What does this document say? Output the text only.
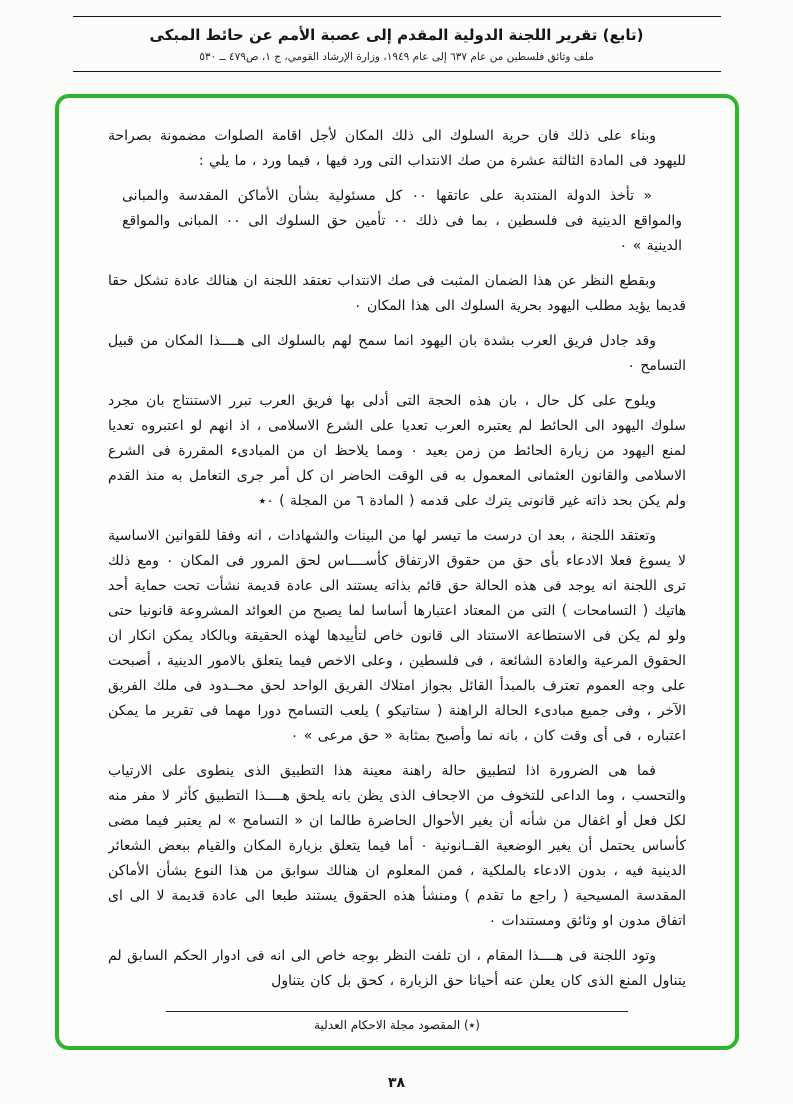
(تابع) تقرير اللجنة الدولية المقدم إلى عصبة الأمم عن حائط المبكى
ملف وثائق فلسطين من عام ٦٣٧ إلى عام ١٩٤٩، وزارة الإرشاد القومي، ج ١، ص٤٧٩ ــ ٥٣٠

وبناء على ذلك فان حرية السلوك الى ذلك المكان لأجل اقامة الصلوات مضمونة بصراحة لليهود فى المادة الثالثة عشرة من صك الانتداب التى ورد فيها ، فيما ورد ، ما يلي :

« تأخذ الدولة المنتدبة على عاتقها ٠٠ كل مسئولية بشأن الأماكن المقدسة والمبانى والمواقع الدينية فى فلسطين ، بما فى ذلك ٠٠ تأمين حق السلوك الى ٠٠ المبانى والمواقع الدينية » ٠

وبقطع النظر عن هذا الضمان المثبت فى صك الانتداب تعتقد اللجنة ان هنالك عادة تشكل حقا قديما يؤيد مطلب اليهود بحرية السلوك الى هذا المكان ٠

وقد جادل فريق العرب بشدة بان اليهود انما سمح لهم بالسلوك الى هــــذا المكان من قبيل التسامح ٠

ويلوح على كل حال ، بان هذه الحجة التى أدلى بها فريق العرب تبرر الاستنتاج بان مجرد سلوك اليهود الى الحائط لم يعتبره العرب تعديا على الشرع الاسلامى ، اذ انهم لو اعتبروه تعديا لمنع اليهود من زيارة الحائط من زمن بعيد ٠ ومما يلاحظ ان من المبادىء المقررة فى الشرع الاسلامى والقانون العثمانى المعمول به فى الوقت الحاضر ان كل أمر جرى التعامل به منذ القدم ولم يكن بحد ذاته غير قانونى يترك على قدمه ( المادة ٦ من المجلة ) ٠٭

وتعتقد اللجنة ، بعد ان درست ما تيسر لها من البينات والشهادات ، انه وفقا للقوانين الاساسية لا يسوغ فعلا الادعاء بأى حق من حقوق الارتفاق كأســــاس لحق المرور فى المكان ٠ ومع ذلك ترى اللجنة انه يوجد فى هذه الحالة حق قائم بذاته يستند الى عادة قديمة نشأت تحت حماية أحد هاتيك ( التسامحات ) التى من المعتاد اعتبارها أساسا لما يصبح من العوائد المشروعة قانونيا حتى ولو لم يكن فى الاستطاعة الاستناد الى قانون خاص لتأييدها لهذه الحقيقة وبالكاد يمكن انكار ان الحقوق المرعية والعادة الشائعة ، فى فلسطين ، وعلى الاخص فيما يتعلق بالامور الدينية ، أصبحت على وجه العموم تعترف بالمبدأ القائل بجواز امتلاك الفريق الواحد لحق محــدود فى ملك الفريق الآخر ، وفى جميع مبادىء الحالة الراهنة ( ستاتيكو ) يلعب التسامح دورا مهما فى تقرير ما يمكن اعتباره ، فى أى وقت كان ، بانه نما وأصبح بمثابة « حق مرعى » ٠

فما هى الضرورة اذا لتطبيق حالة راهنة معينة هذا التطبيق الذى ينطوى على الارتياب والتحسب ، وما الداعى للتخوف من الاجحاف الذى يظن بانه يلحق هــــذا التطبيق كأثر لا مفر منه لكل فعل أو اغفال من شأنه أن يغير الأحوال الحاضرة طالما ان « التسامح » لم يعتبر فيما مضى كأساس يحتمل أن يغير الوضعية القــانونية ٠ أما فيما يتعلق بزيارة المكان والقيام ببعض الشعائر الدينية فيه ، بدون الادعاء بالملكية ، فمن المعلوم ان هنالك سوابق من هذا النوع بشأن الأماكن المقدسة المسيحية ( راجع ما تقدم ) ومنشأ هذه الحقوق يستند طبعا الى عادة قديمة لا الى اى اتفاق مدون او وثائق ومستندات ٠

وتود اللجنة فى هــــذا المقام ، ان تلفت النظر بوجه خاص الى انه فى ادوار الحكم السابق لم يتناول المنع الذى كان يعلن عنه أحيانا حق الزيارة ، كحق بل كان يتناول

(٭) المقصود مجلة الاحكام العدلية
٣٨
